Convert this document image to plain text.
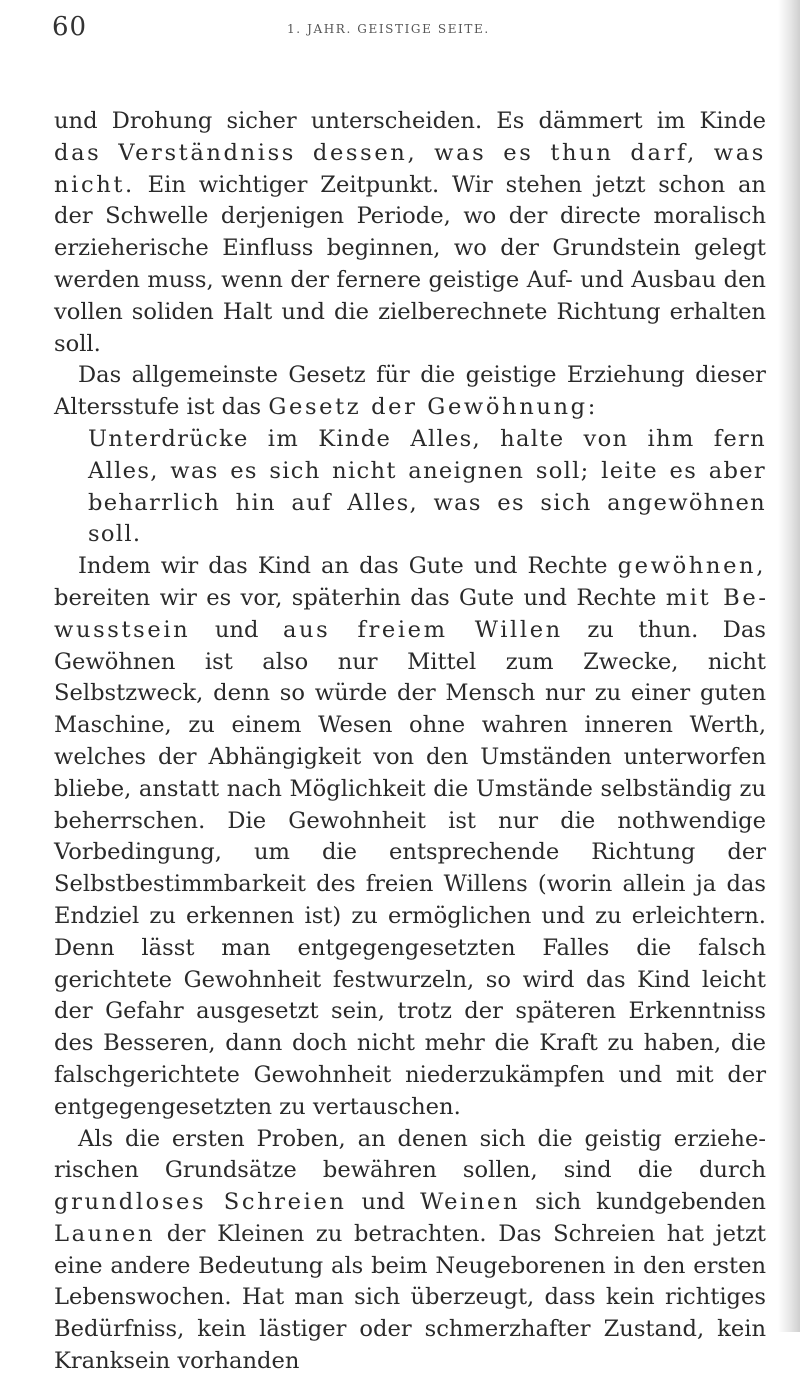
60	1. JAHR. GEISTIGE SEITE.

und Drohung sicher unterscheiden. Es dämmert im Kinde das Verständniss dessen, was es thun darf, was nicht. Ein wichtiger Zeitpunkt. Wir stehen jetzt schon an der Schwelle derjenigen Periode, wo der directe moralisch erzieherische Einfluss beginnen, wo der Grundstein gelegt werden muss, wenn der fernere geistige Auf- und Ausbau den vollen soliden Halt und die zielberechnete Richtung erhalten soll.

Das allgemeinste Gesetz für die geistige Erziehung dieser Altersstufe ist das Gesetz der Gewöhnung:

Unterdrücke im Kinde Alles, halte von ihm fern Alles, was es sich nicht aneignen soll; leite es aber beharrlich hin auf Alles, was es sich angewöhnen soll.

Indem wir das Kind an das Gute und Rechte gewöhnen, bereiten wir es vor, späterhin das Gute und Rechte mit Bewusstsein und aus freiem Willen zu thun. Das Gewöhnen ist also nur Mittel zum Zwecke, nicht Selbstzweck, denn so würde der Mensch nur zu einer guten Maschine, zu einem Wesen ohne wahren inneren Werth, welches der Abhängigkeit von den Umständen unterworfen bliebe, anstatt nach Möglichkeit die Umstände selbständig zu beherrschen. Die Gewohnheit ist nur die nothwendige Vorbedingung, um die entsprechende Richtung der Selbstbestimmbarkeit des freien Willens (worin allein ja das Endziel zu erkennen ist) zu ermöglichen und zu erleichtern. Denn lässt man entgegengesetzten Falles die falsch gerichtete Gewohnheit festwurzeln, so wird das Kind leicht der Gefahr ausgesetzt sein, trotz der späteren Erkenntniss des Besseren, dann doch nicht mehr die Kraft zu haben, die falschgerichtete Gewohnheit niederzukämpfen und mit der entgegengesetzten zu vertauschen.

Als die ersten Proben, an denen sich die geistig erzieherischen Grundsätze bewähren sollen, sind die durch grundloses Schreien und Weinen sich kundgebenden Launen der Kleinen zu betrachten. Das Schreien hat jetzt eine andere Bedeutung als beim Neugeborenen in den ersten Lebenswochen. Hat man sich überzeugt, dass kein richtiges Bedürfniss, kein lästiger oder schmerzhafter Zustand, kein Kranksein vorhanden
